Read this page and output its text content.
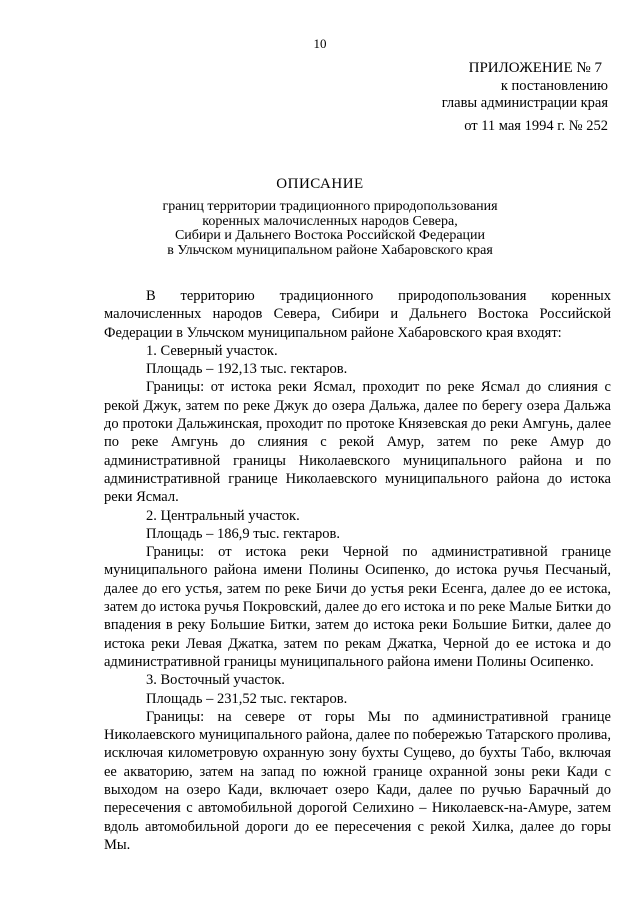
10
ПРИЛОЖЕНИЕ № 7
к постановлению
главы администрации края
от 11 мая 1994 г. № 252
ОПИСАНИЕ
границ территории традиционного природопользования
коренных малочисленных народов Севера,
Сибири и Дальнего Востока Российской Федерации
в Ульчском муниципальном районе Хабаровского края

В территорию традиционного природопользования коренных малочисленных народов Севера, Сибири и Дальнего Востока Российской Федерации в Ульчском муниципальном районе Хабаровского края входят:

1. Северный участок.

Площадь – 192,13 тыс. гектаров.

Границы: от истока реки Ясмал, проходит по реке Ясмал до слияния с рекой Джук, затем по реке Джук до озера Дальжа, далее по берегу озера Дальжа до протоки Дальжинская, проходит по протоке Князевская до реки Амгунь, далее по реке Амгунь до слияния с рекой Амур, затем по реке Амур до административной границы Николаевского муниципального района и по административной границе Николаевского муниципального района до истока реки Ясмал.

2. Центральный участок.

Площадь – 186,9 тыс. гектаров.

Границы: от истока реки Черной по административной границе муниципального района имени Полины Осипенко, до истока ручья Песчаный, далее до его устья, затем по реке Бичи до устья реки Есенга, далее до ее истока, затем до истока ручья Покровский, далее до его истока и по реке Малые Битки до впадения в реку Большие Битки, затем до истока реки Большие Битки, далее до истока реки Левая Джатка, затем по рекам Джатка, Черной до ее истока и до административной границы муниципального района имени Полины Осипенко.

3. Восточный участок.

Площадь – 231,52 тыс. гектаров.

Границы: на севере от горы Мы по административной границе Николаевского муниципального района, далее по побережью Татарского пролива, исключая километровую охранную зону бухты Сущево, до бухты Табо, включая ее акваторию, затем на запад по южной границе охранной зоны реки Кади с выходом на озеро Кади, включает озеро Кади, далее по ручью Барачный до пересечения с автомобильной дорогой Селихино – Николаевск-на-Амуре, затем вдоль автомобильной дороги до ее пересечения с рекой Хилка, далее до горы Мы.
